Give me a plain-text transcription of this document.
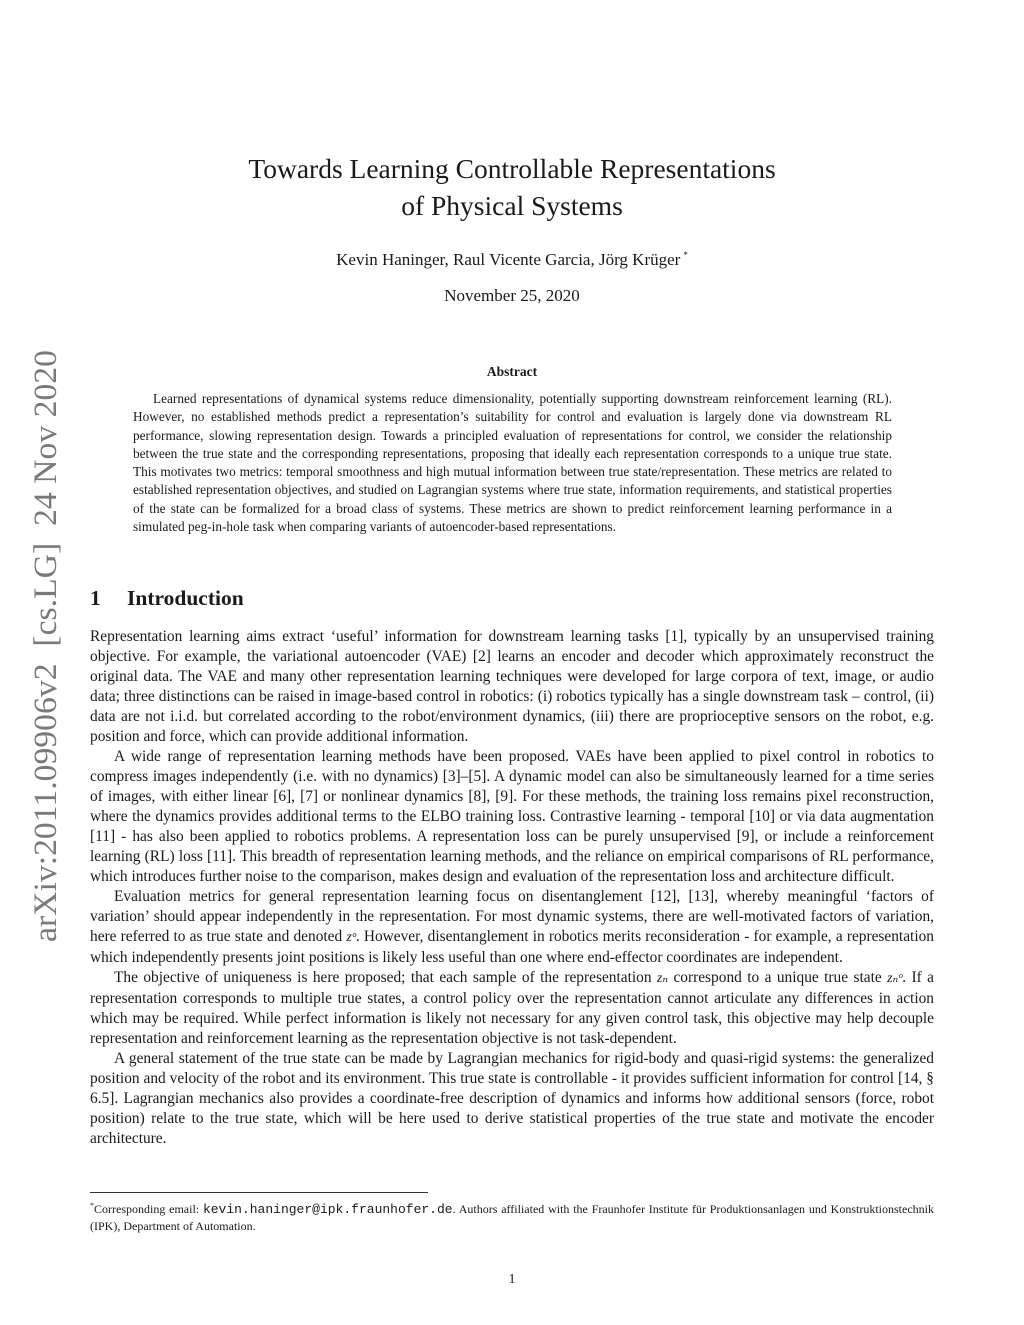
arXiv:2011.09906v2  [cs.LG]  24 Nov 2020
Towards Learning Controllable Representations
of Physical Systems
Kevin Haninger, Raul Vicente Garcia, Jörg Krüger *
November 25, 2020
Abstract

Learned representations of dynamical systems reduce dimensionality, potentially supporting downstream reinforcement learning (RL). However, no established methods predict a representation’s suitability for control and evaluation is largely done via downstream RL performance, slowing representation design. Towards a principled evaluation of representations for control, we consider the relationship between the true state and the corresponding representations, proposing that ideally each representation corresponds to a unique true state. This motivates two metrics: temporal smoothness and high mutual information between true state/representation. These metrics are related to established representation objectives, and studied on Lagrangian systems where true state, information requirements, and statistical properties of the state can be formalized for a broad class of systems. These metrics are shown to predict reinforcement learning performance in a simulated peg-in-hole task when comparing variants of autoencoder-based representations.

1 Introduction

Representation learning aims extract ‘useful’ information for downstream learning tasks [1], typically by an unsupervised training objective. For example, the variational autoencoder (VAE) [2] learns an encoder and decoder which approximately reconstruct the original data. The VAE and many other representation learning techniques were developed for large corpora of text, image, or audio data; three distinctions can be raised in image-based control in robotics: (i) robotics typically has a single downstream task – control, (ii) data are not i.i.d. but correlated according to the robot/environment dynamics, (iii) there are proprioceptive sensors on the robot, e.g. position and force, which can provide additional information.

A wide range of representation learning methods have been proposed. VAEs have been applied to pixel control in robotics to compress images independently (i.e. with no dynamics) [3]–[5]. A dynamic model can also be simultaneously learned for a time series of images, with either linear [6], [7] or nonlinear dynamics [8], [9]. For these methods, the training loss remains pixel reconstruction, where the dynamics provides additional terms to the ELBO training loss. Contrastive learning - temporal [10] or via data augmentation [11] - has also been applied to robotics problems. A representation loss can be purely unsupervised [9], or include a reinforcement learning (RL) loss [11]. This breadth of representation learning methods, and the reliance on empirical comparisons of RL performance, which introduces further noise to the comparison, makes design and evaluation of the representation loss and architecture difficult.

Evaluation metrics for general representation learning focus on disentanglement [12], [13], whereby meaningful ‘factors of variation’ should appear independently in the representation. For most dynamic systems, there are well-motivated factors of variation, here referred to as true state and denoted zᵒ. However, disentanglement in robotics merits reconsideration - for example, a representation which independently presents joint positions is likely less useful than one where end-effector coordinates are independent.

The objective of uniqueness is here proposed; that each sample of the representation zₙ correspond to a unique true state zₙᵒ. If a representation corresponds to multiple true states, a control policy over the representation cannot articulate any differences in action which may be required. While perfect information is likely not necessary for any given control task, this objective may help decouple representation and reinforcement learning as the representation objective is not task-dependent.

A general statement of the true state can be made by Lagrangian mechanics for rigid-body and quasi-rigid systems: the generalized position and velocity of the robot and its environment. This true state is controllable - it provides sufficient information for control [14, § 6.5]. Lagrangian mechanics also provides a coordinate-free description of dynamics and informs how additional sensors (force, robot position) relate to the true state, which will be here used to derive statistical properties of the true state and motivate the encoder architecture.

*Corresponding email: kevin.haninger@ipk.fraunhofer.de. Authors affiliated with the Fraunhofer Institute für Produktionsanlagen und Konstruktionstechnik (IPK), Department of Automation.

1
